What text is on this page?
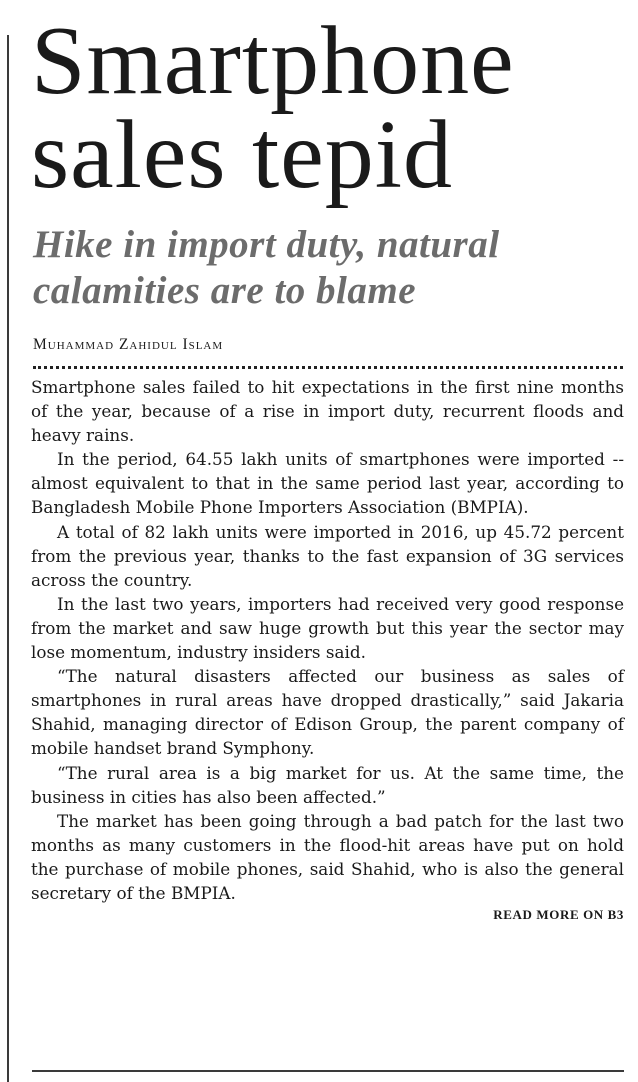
Smartphone
sales tepid
Hike in import duty, natural
calamities are to blame
Muhammad Zahidul Islam

Smartphone sales failed to hit expectations in the first nine months of the year, because of a rise in import duty, recurrent floods and heavy rains.

In the period, 64.55 lakh units of smartphones were imported -- almost equivalent to that in the same period last year, according to Bangladesh Mobile Phone Importers Association (BMPIA).

A total of 82 lakh units were imported in 2016, up 45.72 percent from the previous year, thanks to the fast expansion of 3G services across the country.

In the last two years, importers had received very good response from the market and saw huge growth but this year the sector may lose momentum, industry insiders said.

“The natural disasters affected our business as sales of smartphones in rural areas have dropped drastically,” said Jakaria Shahid, managing director of Edison Group, the parent company of mobile handset brand Symphony.

“The rural area is a big market for us. At the same time, the business in cities has also been affected.”

The market has been going through a bad patch for the last two months as many customers in the flood-hit areas have put on hold the purchase of mobile phones, said Shahid, who is also the general secretary of the BMPIA.

READ MORE ON B3
